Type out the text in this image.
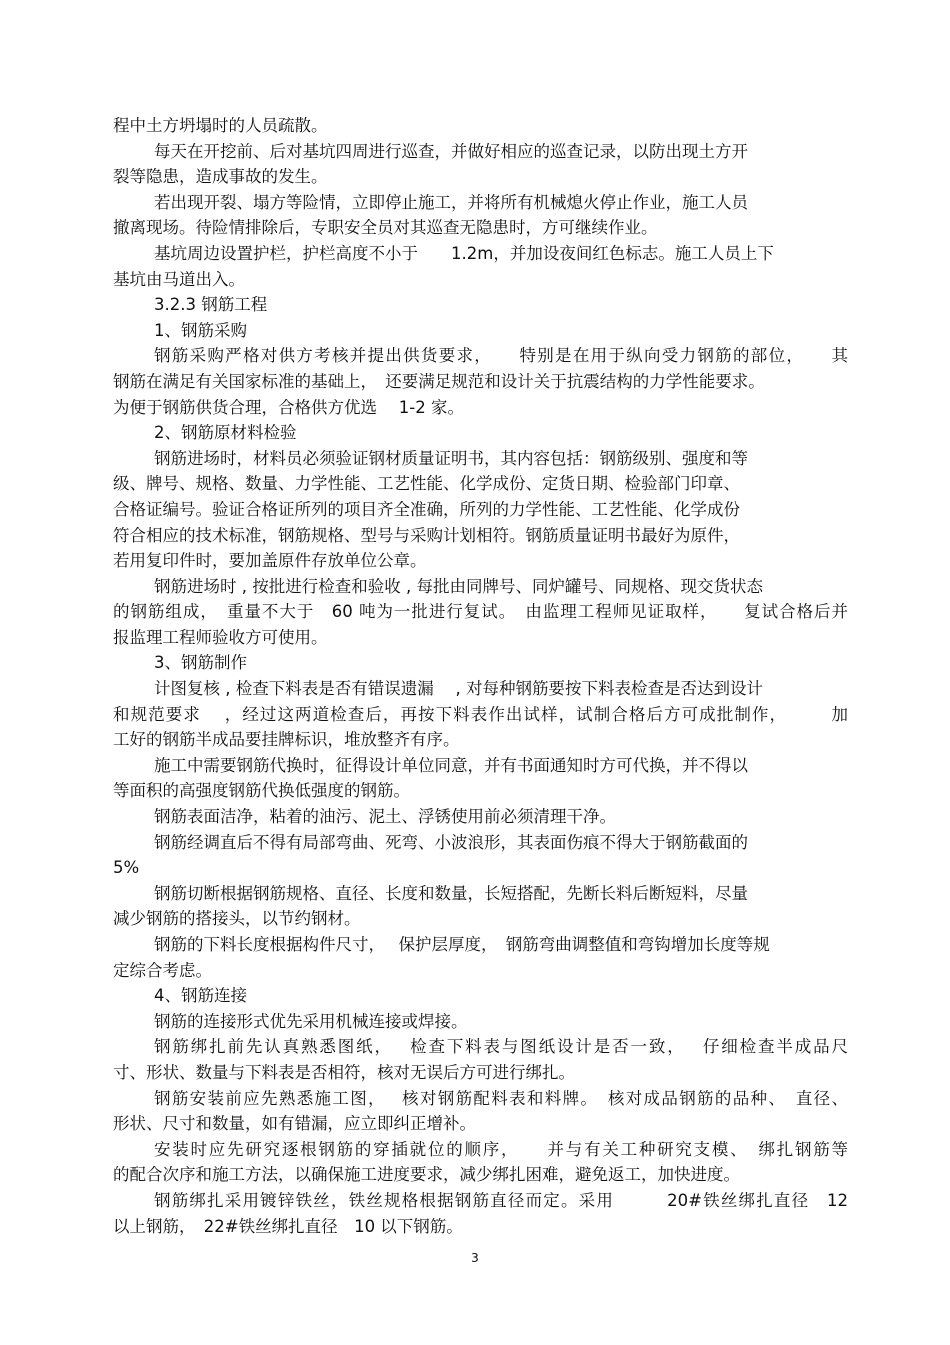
程中土方坍塌时的人员疏散。

每天在开挖前、后对基坑四周进行巡查，并做好相应的巡查记录，以防出现土方开

裂等隐患，造成事故的发生。

若出现开裂、塌方等险情，立即停止施工，并将所有机械熄火停止作业，施工人员

撤离现场。待险情排除后，专职安全员对其巡查无隐患时，方可继续作业。

基坑周边设置护栏，护栏高度不小于　　1.2m，并加设夜间红色标志。施工人员上下

基坑由马道出入。

3.2.3 钢筋工程

1、钢筋采购

钢筋采购严格对供方考核并提出供货要求，　　特别是在用于纵向受力钢筋的部位，　　其

钢筋在满足有关国家标准的基础上，　还要满足规范和设计关于抗震结构的力学性能要求。

为便于钢筋供货合理，合格供方优选　 1-2 家。

2、钢筋原材料检验

钢筋进场时，材料员必须验证钢材质量证明书，其内容包括：钢筋级别、强度和等

级、牌号、规格、数量、力学性能、工艺性能、化学成份、定货日期、检验部门印章、

合格证编号。验证合格证所列的项目齐全准确，所列的力学性能、工艺性能、化学成份

符合相应的技术标准，钢筋规格、型号与采购计划相符。钢筋质量证明书最好为原件，

若用复印件时，要加盖原件存放单位公章。

钢筋进场时 , 按批进行检查和验收 , 每批由同牌号、同炉罐号、同规格、现交货状态

的钢筋组成，　重量不大于　60 吨为一批进行复试。　由监理工程师见证取样，　　复试合格后并

报监理工程师验收方可使用。

3、钢筋制作

计图复核 , 检查下料表是否有错误遗漏　 , 对每种钢筋要按下料表检查是否达到设计

和规范要求　 ，经过这两道检查后，再按下料表作出试样，试制合格后方可成批制作，　　　加

工好的钢筋半成品要挂牌标识，堆放整齐有序。

施工中需要钢筋代换时，征得设计单位同意，并有书面通知时方可代换，并不得以

等面积的高强度钢筋代换低强度的钢筋。

钢筋表面洁净，粘着的油污、泥土、浮锈使用前必须清理干净。

钢筋经调直后不得有局部弯曲、死弯、小波浪形，其表面伤痕不得大于钢筋截面的

5%

钢筋切断根据钢筋规格、直径、长度和数量，长短搭配，先断长料后断短料，尽量

减少钢筋的搭接头，以节约钢材。

钢筋的下料长度根据构件尺寸，　 保护层厚度，　钢筋弯曲调整值和弯钩增加长度等规

定综合考虑。

4、钢筋连接

钢筋的连接形式优先采用机械连接或焊接。

钢筋绑扎前先认真熟悉图纸，　 检查下料表与图纸设计是否一致，　 仔细检查半成品尺

寸、形状、数量与下料表是否相符，核对无误后方可进行绑扎。

钢筋安装前应先熟悉施工图，　 核对钢筋配料表和料牌。　核对成品钢筋的品种、　直径、

形状、尺寸和数量，如有错漏，应立即纠正增补。

安装时应先研究逐根钢筋的穿插就位的顺序，　　并与有关工种研究支模、　绑扎钢筋等

的配合次序和施工方法，以确保施工进度要求，减少绑扎困难，避免返工，加快进度。

钢筋绑扎采用镀锌铁丝，铁丝规格根据钢筋直径而定。采用　　　20#铁丝绑扎直径　12

以上钢筋，　22#铁丝绑扎直径　10 以下钢筋。

3
